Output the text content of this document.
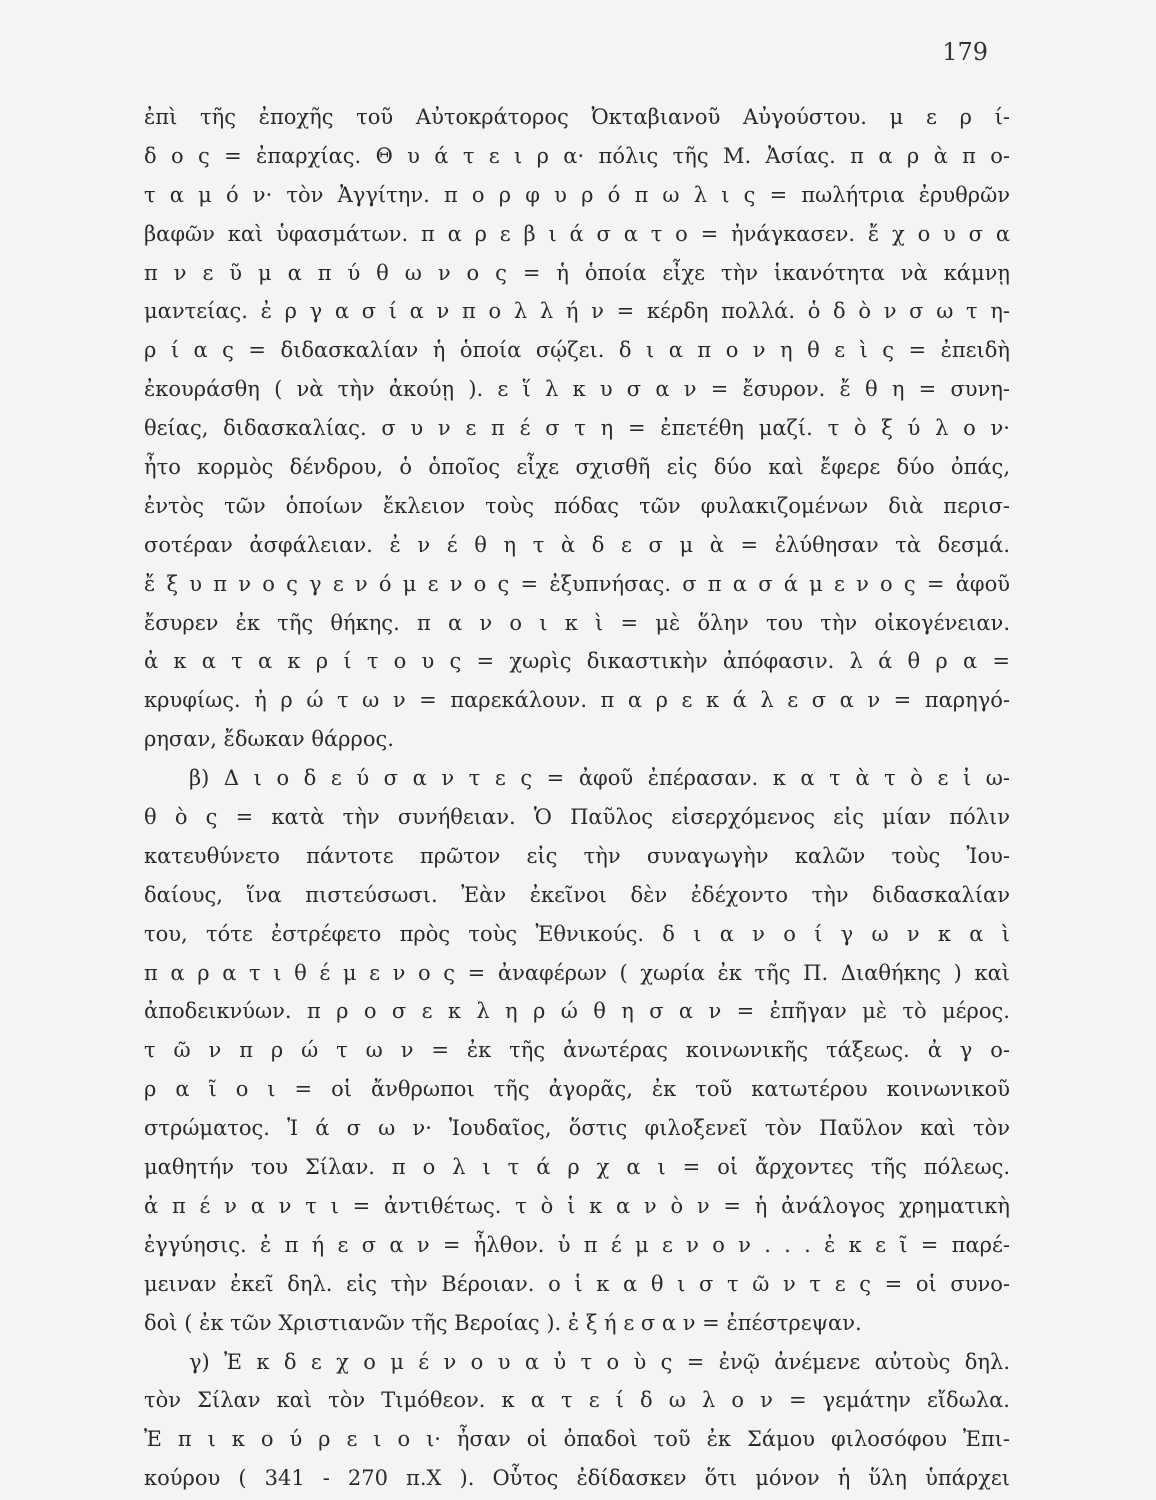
179
ἐπὶ τῆς ἐποχῆς τοῦ Αὐτοκράτορος Ὀκταβιανοῦ Αὐγούστου. μ ε ρ ί-
δ ο ς = ἐπαρχίας. Θ υ ά τ ε ι ρ α· πόλις τῆς Μ. Ἀσίας. π α ρ ὰ π ο-
τ α μ ό ν· τὸν Ἀγγίτην. π ο ρ φ υ ρ ό π ω λ ι ς = πωλήτρια ἐρυθρῶν
βαφῶν καὶ ὑφασμάτων. π α ρ ε β ι ά σ α τ ο = ἠνάγκασεν. ἔ χ ο υ σ α
π ν ε ῦ μ α π ύ θ ω ν ο ς = ἡ ὁποία εἶχε τὴν ἱκανότητα νὰ κάμνῃ
μαντείας. ἐ ρ γ α σ ί α ν π ο λ λ ή ν = κέρδη πολλά. ὁ δ ὸ ν σ ω τ η-
ρ ί α ς = διδασκαλίαν ἡ ὁποία σῴζει. δ ι α π ο ν η θ ε ὶ ς = ἐπειδὴ
ἐκουράσθη ( νὰ τὴν ἀκούῃ ). ε ἵ λ κ υ σ α ν = ἔσυρον. ἔ θ η = συνη-
θείας, διδασκαλίας. σ υ ν ε π έ σ τ η = ἐπετέθη μαζί. τ ὸ ξ ύ λ ο ν·
ἦτο κορμὸς δένδρου, ὁ ὁποῖος εἶχε σχισθῆ εἰς δύο καὶ ἔφερε δύο ὀπάς,
ἐντὸς τῶν ὁποίων ἔκλειον τοὺς πόδας τῶν φυλακιζομένων διὰ περισ-
σοτέραν ἀσφάλειαν. ἐ ν έ θ η τ ὰ δ ε σ μ ὰ = ἐλύθησαν τὰ δεσμά.
ἔ ξ υ π ν ο ς γ ε ν ό μ ε ν ο ς = ἐξυπνήσας. σ π α σ ά μ ε ν ο ς = ἀφοῦ
ἔσυρεν ἐκ τῆς θήκης. π α ν ο ι κ ὶ = μὲ ὅλην του τὴν οἰκογένειαν.
ἀ κ α τ α κ ρ ί τ ο υ ς = χωρὶς δικαστικὴν ἀπόφασιν. λ ά θ ρ α =
κρυφίως. ἠ ρ ώ τ ω ν = παρεκάλουν. π α ρ ε κ ά λ ε σ α ν = παρηγό-
ρησαν, ἔδωκαν θάρρος.
β) Δ ι ο δ ε ύ σ α ν τ ε ς = ἀφοῦ ἐπέρασαν. κ α τ ὰ τ ὸ ε ἰ ω-
θ ὸ ς = κατὰ τὴν συνήθειαν. Ὁ Παῦλος εἰσερχόμενος εἰς μίαν πόλιν
κατευθύνετο πάντοτε πρῶτον εἰς τὴν συναγωγὴν καλῶν τοὺς Ἰου-
δαίους, ἵνα πιστεύσωσι. Ἐὰν ἐκεῖνοι δὲν ἐδέχοντο τὴν διδασκαλίαν
του, τότε ἐστρέφετο πρὸς τοὺς Ἐθνικούς. δ ι α ν ο ί γ ω ν κ α ὶ
π α ρ α τ ι θ έ μ ε ν ο ς = ἀναφέρων ( χωρία ἐκ τῆς Π. Διαθήκης ) καὶ
ἀποδεικνύων. π ρ ο σ ε κ λ η ρ ώ θ η σ α ν = ἐπῆγαν μὲ τὸ μέρος.
τ ῶ ν π ρ ώ τ ω ν = ἐκ τῆς ἀνωτέρας κοινωνικῆς τάξεως. ἀ γ ο-
ρ α ῖ ο ι = οἱ ἄνθρωποι τῆς ἀγορᾶς, ἐκ τοῦ κατωτέρου κοινωνικοῦ
στρώματος. Ἰ ά σ ω ν· Ἰουδαῖος, ὅστις φιλοξενεῖ τὸν Παῦλον καὶ τὸν
μαθητήν του Σίλαν. π ο λ ι τ ά ρ χ α ι = οἱ ἄρχοντες τῆς πόλεως.
ἀ π έ ν α ν τ ι = ἀντιθέτως. τ ὸ ἱ κ α ν ὸ ν = ἡ ἀνάλογος χρηματικὴ
ἐγγύησις. ἐ π ή ε σ α ν = ἦλθον. ὑ π έ μ ε ν ο ν . . . ἐ κ ε ῖ = παρέ-
μειναν ἐκεῖ δηλ. εἰς τὴν Βέροιαν. ο ἱ κ α θ ι σ τ ῶ ν τ ε ς = οἱ συνο-
δοὶ ( ἐκ τῶν Χριστιανῶν τῆς Βεροίας ). ἐ ξ ή ε σ α ν = ἐπέστρεψαν.
γ) Ἐ κ δ ε χ ο μ έ ν ο υ α ὐ τ ο ὺ ς = ἐνῷ ἀνέμενε αὐτοὺς δηλ.
τὸν Σίλαν καὶ τὸν Τιμόθεον. κ α τ ε ί δ ω λ ο ν = γεμάτην εἴδωλα.
Ἐ π ι κ ο ύ ρ ε ι ο ι· ἦσαν οἱ ὀπαδοὶ τοῦ ἐκ Σάμου φιλοσόφου Ἐπι-
κούρου ( 341 - 270 π.Χ ). Οὗτος ἐδίδασκεν ὅτι μόνον ἡ ὕλη ὑπάρχει
